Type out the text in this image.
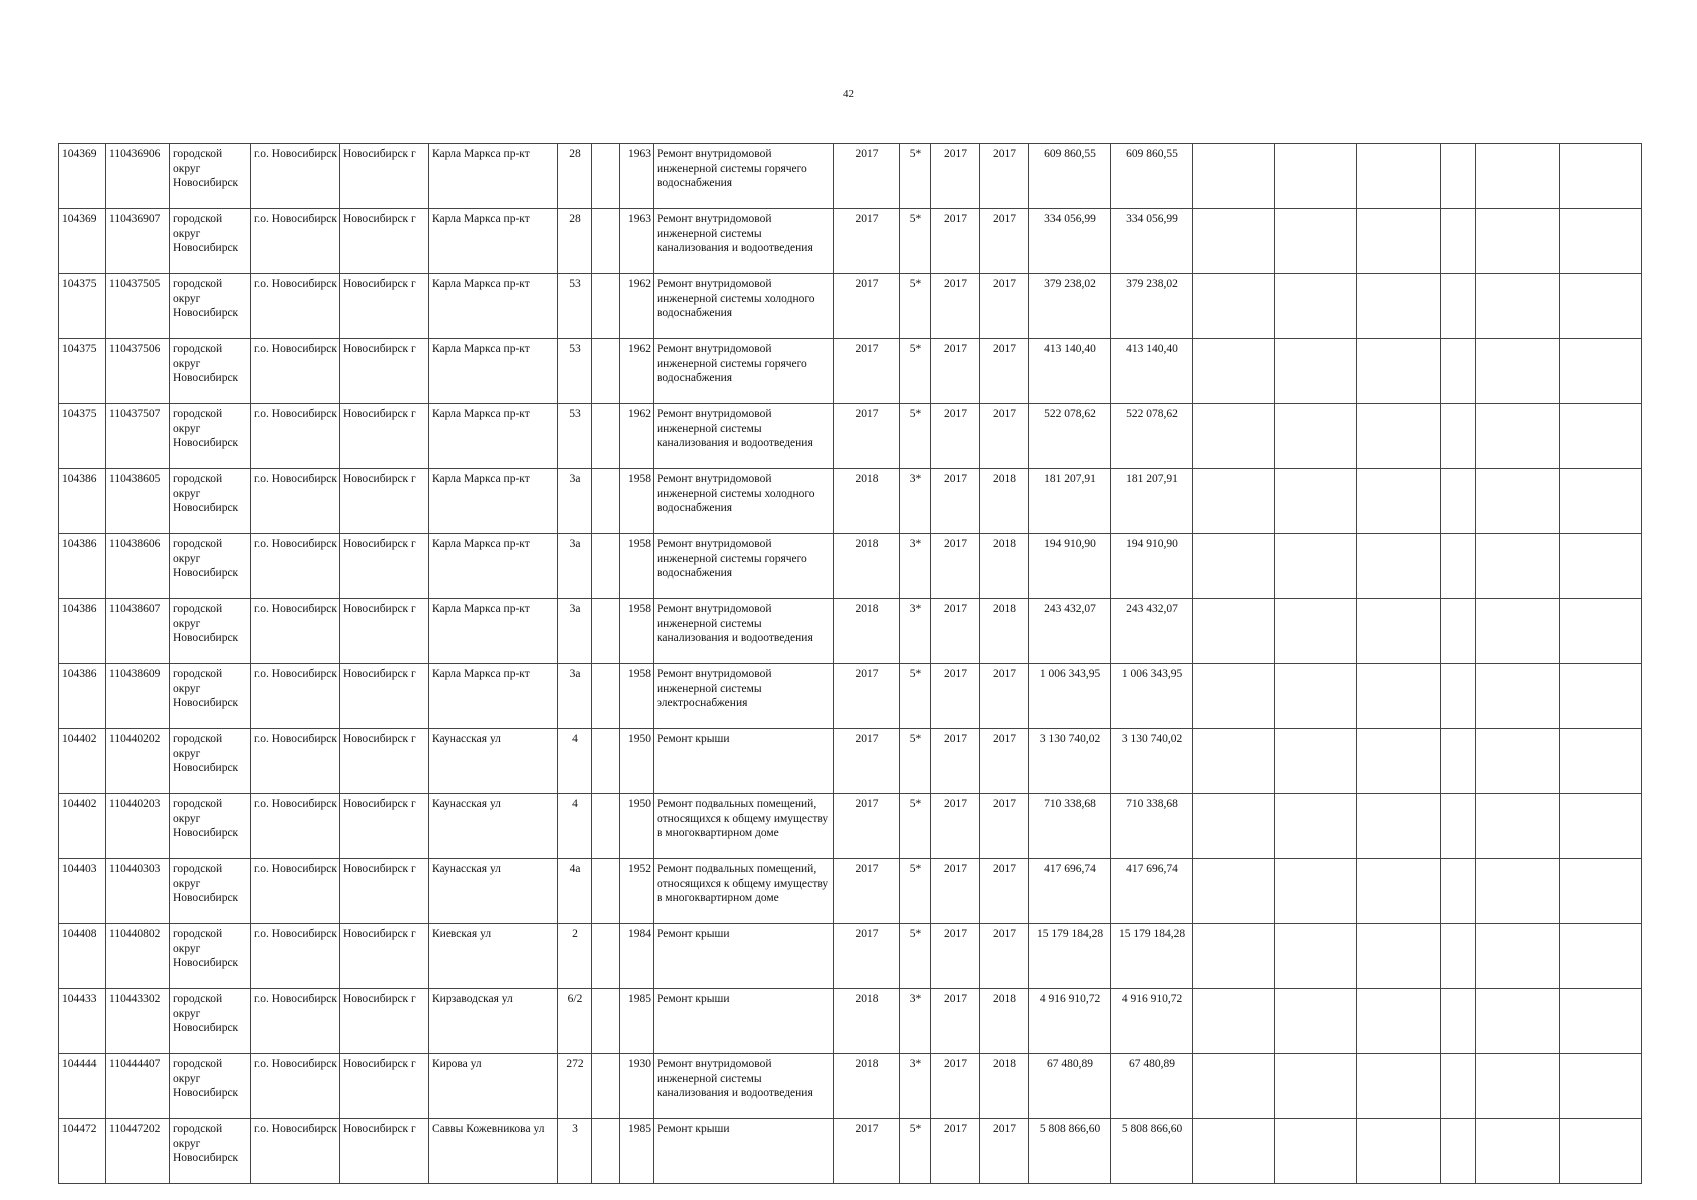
42
104369	110436906	городской округ Новосибирск	г.о. Новосибирск	Новосибирск г	Карла Маркса пр-кт	28		1963	Ремонт внутридомовой инженерной системы горячего водоснабжения	2017	5*	2017	2017	609 860,55	609 860,55						
104369	110436907	городской округ Новосибирск	г.о. Новосибирск	Новосибирск г	Карла Маркса пр-кт	28		1963	Ремонт внутридомовой инженерной системы канализования и водоотведения	2017	5*	2017	2017	334 056,99	334 056,99						
104375	110437505	городской округ Новосибирск	г.о. Новосибирск	Новосибирск г	Карла Маркса пр-кт	53		1962	Ремонт внутридомовой инженерной системы холодного водоснабжения	2017	5*	2017	2017	379 238,02	379 238,02						
104375	110437506	городской округ Новосибирск	г.о. Новосибирск	Новосибирск г	Карла Маркса пр-кт	53		1962	Ремонт внутридомовой инженерной системы горячего водоснабжения	2017	5*	2017	2017	413 140,40	413 140,40						
104375	110437507	городской округ Новосибирск	г.о. Новосибирск	Новосибирск г	Карла Маркса пр-кт	53		1962	Ремонт внутридомовой инженерной системы канализования и водоотведения	2017	5*	2017	2017	522 078,62	522 078,62						
104386	110438605	городской округ Новосибирск	г.о. Новосибирск	Новосибирск г	Карла Маркса пр-кт	3а		1958	Ремонт внутридомовой инженерной системы холодного водоснабжения	2018	3*	2017	2018	181 207,91	181 207,91						
104386	110438606	городской округ Новосибирск	г.о. Новосибирск	Новосибирск г	Карла Маркса пр-кт	3а		1958	Ремонт внутридомовой инженерной системы горячего водоснабжения	2018	3*	2017	2018	194 910,90	194 910,90						
104386	110438607	городской округ Новосибирск	г.о. Новосибирск	Новосибирск г	Карла Маркса пр-кт	3а		1958	Ремонт внутридомовой инженерной системы канализования и водоотведения	2018	3*	2017	2018	243 432,07	243 432,07						
104386	110438609	городской округ Новосибирск	г.о. Новосибирск	Новосибирск г	Карла Маркса пр-кт	3а		1958	Ремонт внутридомовой инженерной системы электроснабжения	2017	5*	2017	2017	1 006 343,95	1 006 343,95						
104402	110440202	городской округ Новосибирск	г.о. Новосибирск	Новосибирск г	Каунасская ул	4		1950	Ремонт крыши	2017	5*	2017	2017	3 130 740,02	3 130 740,02						
104402	110440203	городской округ Новосибирск	г.о. Новосибирск	Новосибирск г	Каунасская ул	4		1950	Ремонт подвальных помещений, относящихся к общему имуществу в многоквартирном доме	2017	5*	2017	2017	710 338,68	710 338,68						
104403	110440303	городской округ Новосибирск	г.о. Новосибирск	Новосибирск г	Каунасская ул	4а		1952	Ремонт подвальных помещений, относящихся к общему имуществу в многоквартирном доме	2017	5*	2017	2017	417 696,74	417 696,74						
104408	110440802	городской округ Новосибирск	г.о. Новосибирск	Новосибирск г	Киевская ул	2		1984	Ремонт крыши	2017	5*	2017	2017	15 179 184,28	15 179 184,28						
104433	110443302	городской округ Новосибирск	г.о. Новосибирск	Новосибирск г	Кирзаводская ул	6/2		1985	Ремонт крыши	2018	3*	2017	2018	4 916 910,72	4 916 910,72						
104444	110444407	городской округ Новосибирск	г.о. Новосибирск	Новосибирск г	Кирова ул	272		1930	Ремонт внутридомовой инженерной системы канализования и водоотведения	2018	3*	2017	2018	67 480,89	67 480,89						
104472	110447202	городской округ Новосибирск	г.о. Новосибирск	Новосибирск г	Саввы Кожевникова ул	3		1985	Ремонт крыши	2017	5*	2017	2017	5 808 866,60	5 808 866,60						
